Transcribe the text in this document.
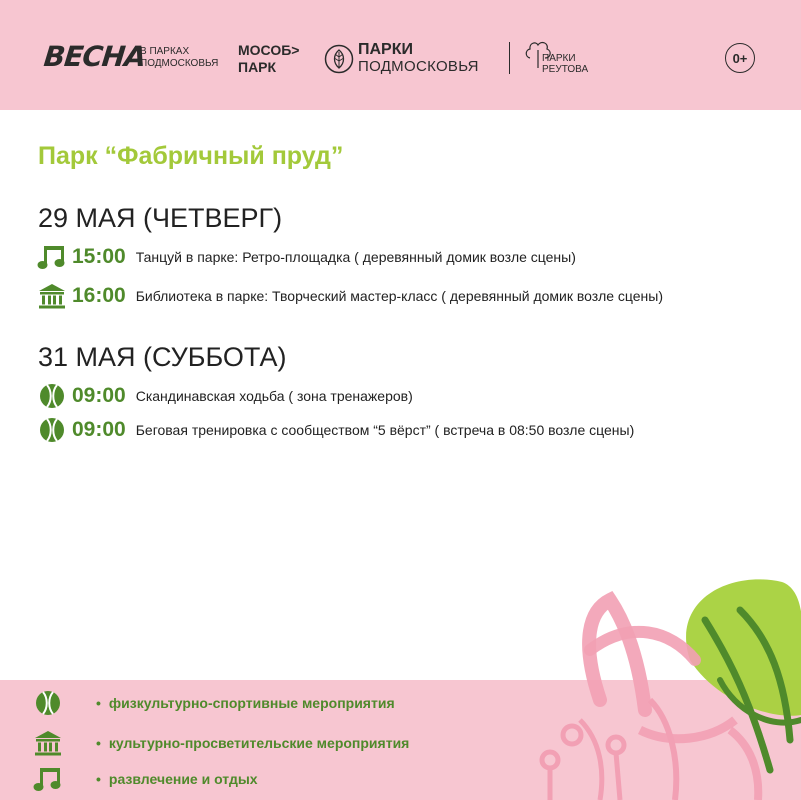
ВЕСНА
В ПАРКАХ
ПОДМОСКОВЬЯ
МОСОБ>
ПАРК
ПАРКИ
ПОДМОСКОВЬЯ	ПАРКИ
РЕУТОВА
0+
Парк “Фабричный пруд”
29 МАЯ (ЧЕТВЕРГ)
15:00 Танцуй в парке: Ретро-площадка ( деревянный домик возле сцены)
16:00 Библиотека в парке: Творческий мастер-класс ( деревянный домик возле сцены)
31 МАЯ (СУББОТА)
09:00 Скандинавская ходьба ( зона тренажеров)
09:00 Беговая тренировка с сообществом “5 вёрст” ( встреча в 08:50 возле сцены)
• физкультурно-спортивные мероприятия
• культурно-просветительские мероприятия
• развлечение и отдых
